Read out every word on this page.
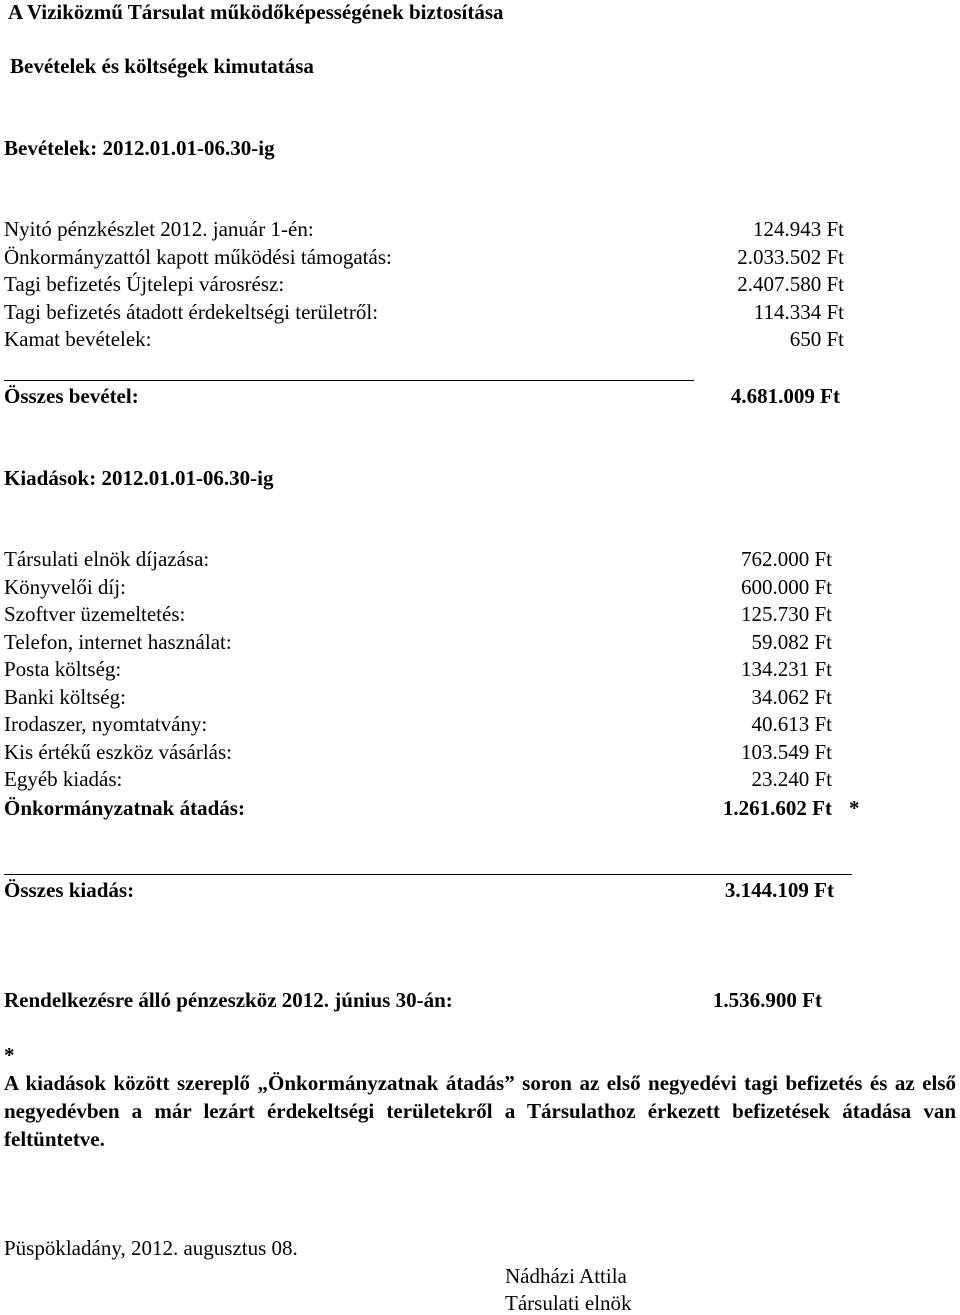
A Viziközmű Társulat működőképességének biztosítása
Bevételek és költségek kimutatása
Bevételek: 2012.01.01-06.30-ig
Nyitó pénzkészlet 2012. január 1-én:	124.943 Ft
Önkormányzattól kapott működési támogatás:	2.033.502 Ft
Tagi befizetés Újtelepi városrész:	2.407.580 Ft
Tagi befizetés átadott érdekeltségi területről:	114.334 Ft
Kamat bevételek:	650 Ft
Összes bevétel:	4.681.009 Ft
Kiadások: 2012.01.01-06.30-ig
Társulati elnök díjazása:	762.000 Ft
Könyvelői díj:	600.000 Ft
Szoftver üzemeltetés:	125.730 Ft
Telefon, internet használat:	59.082 Ft
Posta költség:	134.231 Ft
Banki költség:	34.062 Ft
Irodaszer, nyomtatvány:	40.613 Ft
Kis értékű eszköz vásárlás:	103.549 Ft
Egyéb kiadás:	23.240 Ft
Önkormányzatnak átadás:	1.261.602 Ft *
Összes kiadás:	3.144.109 Ft
Rendelkezésre álló pénzeszköz 2012. június 30-án:	1.536.900 Ft
*
A kiadások között szereplő „Önkormányzatnak átadás” soron az első negyedévi tagi befizetés és az első negyedévben a már lezárt érdekeltségi területekről a Társulathoz érkezett befizetések átadása van feltüntetve.
Püspökladány, 2012. augusztus 08.
Nádházi Attila
Társulati elnök
